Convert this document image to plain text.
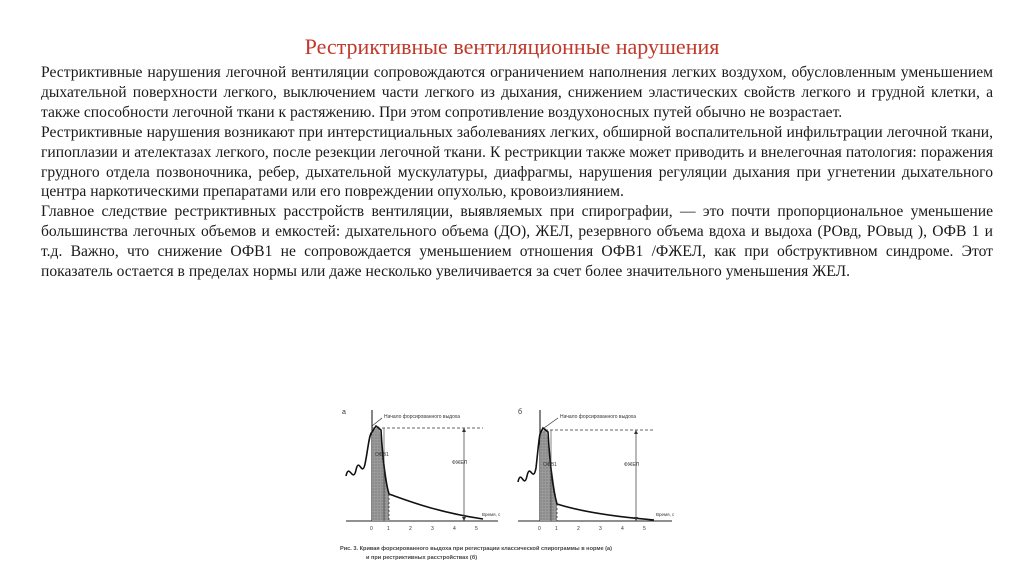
Рестриктивные вентиляционные нарушения

Рестриктивные нарушения легочной вентиляции сопровождаются ограничением наполнения легких воздухом, обусловленным уменьшением дыхательной поверхности легкого, выключением части легкого из дыхания, снижением эластических свойств легкого и грудной клетки, а также способности легочной ткани к растяжению. При этом сопротивление воздухоносных путей обычно не возрастает.

Рестриктивные нарушения возникают при интерстициальных заболеваниях легких, обширной воспалительной инфильтрации легочной ткани, гипоплазии и ателектазах легкого, после резекции легочной ткани. К рестрикции также может приводить и внелегочная патология: поражения грудного отдела позвоночника, ребер, дыхательной мускулатуры, диафрагмы, нарушения регуляции дыхания при угнетении дыхательного центра наркотическими препаратами или его повреждении опухолью, кровоизлиянием.

Главное следствие рестриктивных расстройств вентиляции, выявляемых при спирографии, — это почти пропорциональное уменьшение большинства легочных объемов и емкостей: дыхательного объема (ДО), ЖЕЛ, резервного объема вдоха и выдоха (РОвд, РОвыд ), ОФВ 1 и т.д. Важно, что снижение ОФВ1 не сопровождается уменьшением отношения ОФВ1 /ФЖЕЛ, как при обструктивном синдроме. Этот показатель остается в пределах нормы или даже несколько увеличивается за счет более значительного уменьшения ЖЕЛ.

а
Начало форсированного выдоха
ОФВ1
ФЖЕЛ
0	1	2	3	4	5
Время, с
б
Начало форсированного выдоха
ОФВ1	ФЖЕЛ
0	1	2	3	4	5
Время, с
Рис. 3. Кривая форсированного выдоха при регистрации классической спирограммы в норме (а)
и при рестриктивных расстройствах (б)
